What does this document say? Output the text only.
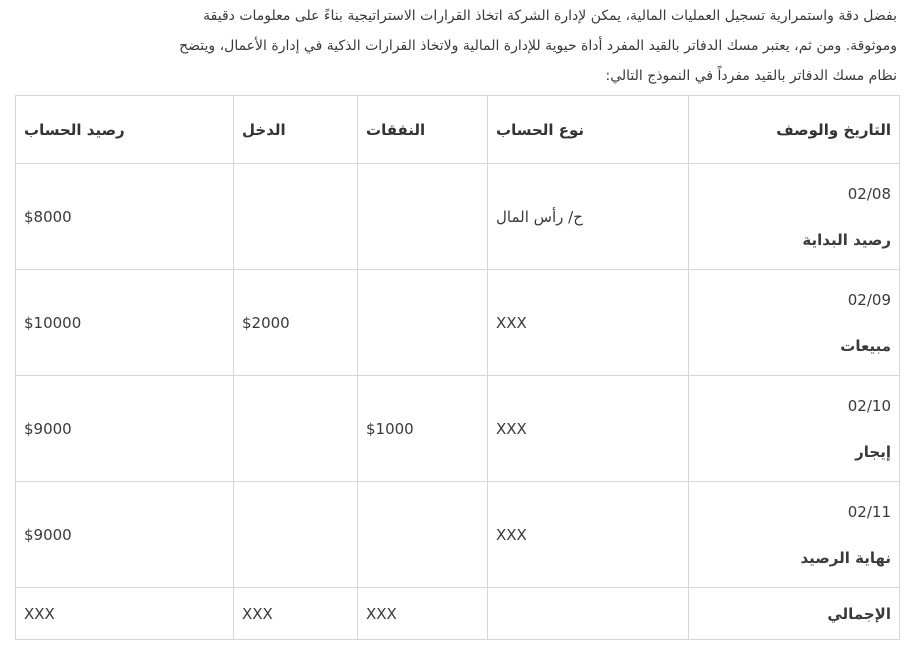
بفضل دقة واستمرارية تسجيل العمليات المالية، يمكن لإدارة الشركة اتخاذ القرارات الاستراتيجية بناءً على معلومات دقيقة
وموثوقة. ومن ثم، يعتبر مسك الدفاتر بالقيد المفرد أداة حيوية للإدارة المالية ولاتخاذ القرارات الذكية في إدارة الأعمال، ويتضح
نظام مسك الدفاتر بالقيد مفرداً في النموذج التالي:

التاريخ والوصف	نوع الحساب	النفقات	الدخل	رصيد الحساب

02/08
رصيد البداية	ح/ رأس المال			$8000

02/09
مبيعات	XXX		$2000	$10000

02/10
إيجار	XXX	$1000		$9000

02/11
نهاية الرصيد	XXX			$9000
الإجمالي		XXX	XXX	XXX
